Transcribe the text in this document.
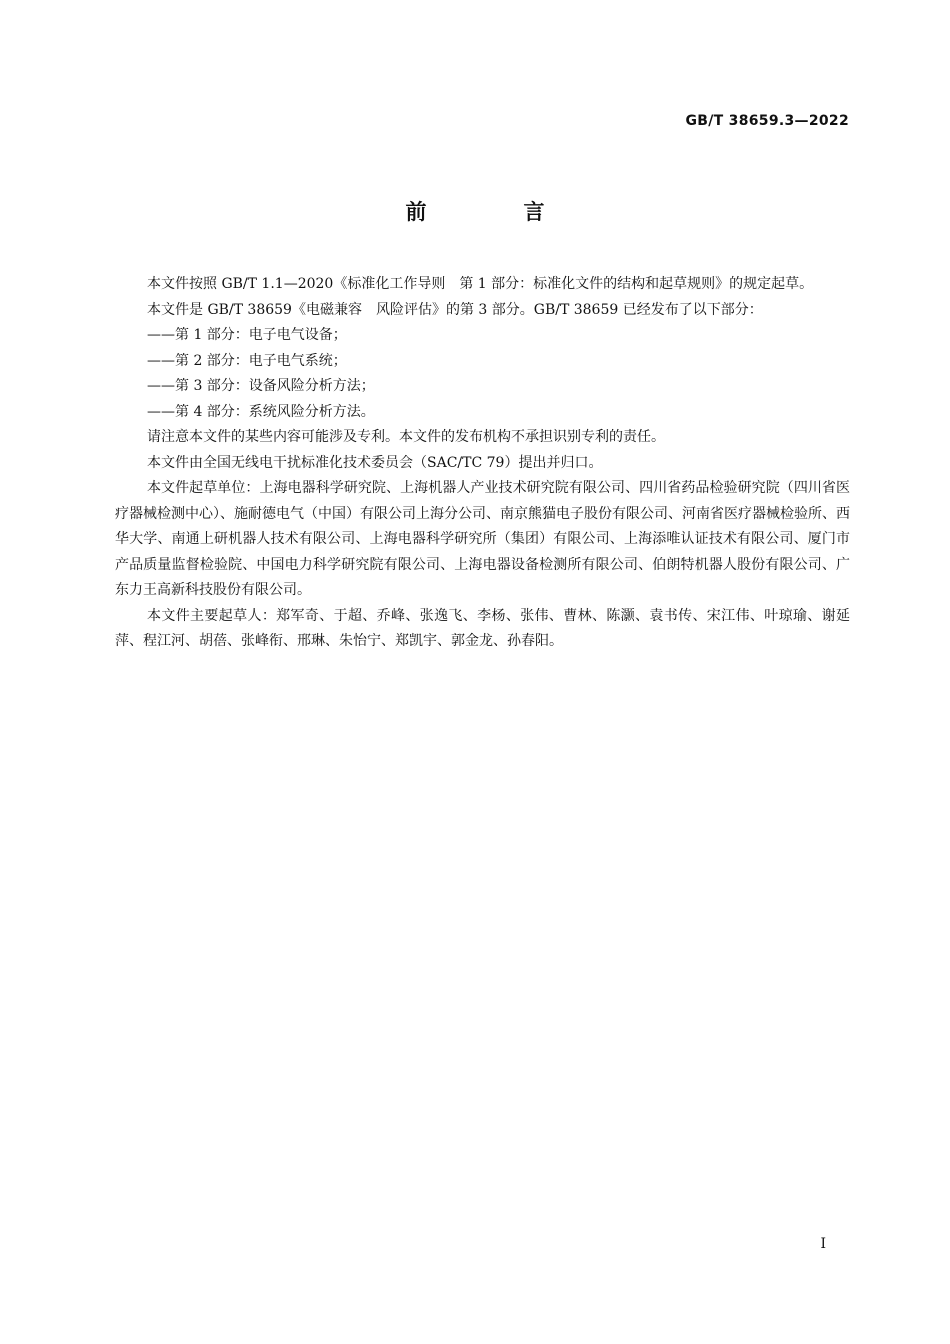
GB/T 38659.3—2022
前　言

本文件按照 GB/T 1.1—2020《标准化工作导则　第 1 部分：标准化文件的结构和起草规则》的规定起草。

本文件是 GB/T 38659《电磁兼容　风险评估》的第 3 部分。GB/T 38659 已经发布了以下部分：

——第 1 部分：电子电气设备；

——第 2 部分：电子电气系统；

——第 3 部分：设备风险分析方法；

——第 4 部分：系统风险分析方法。

请注意本文件的某些内容可能涉及专利。本文件的发布机构不承担识别专利的责任。

本文件由全国无线电干扰标准化技术委员会（SAC/TC 79）提出并归口。

本文件起草单位：上海电器科学研究院、上海机器人产业技术研究院有限公司、四川省药品检验研究院（四川省医疗器械检测中心）、施耐德电气（中国）有限公司上海分公司、南京熊猫电子股份有限公司、河南省医疗器械检验所、西华大学、南通上研机器人技术有限公司、上海电器科学研究所（集团）有限公司、上海添唯认证技术有限公司、厦门市产品质量监督检验院、中国电力科学研究院有限公司、上海电器设备检测所有限公司、伯朗特机器人股份有限公司、广东力王高新科技股份有限公司。

本文件主要起草人：郑军奇、于超、乔峰、张逸飞、李杨、张伟、曹林、陈灏、袁书传、宋江伟、叶琼瑜、谢延萍、程江河、胡蓓、张峰衔、邢琳、朱怡宁、郑凯宇、郭金龙、孙春阳。

I
